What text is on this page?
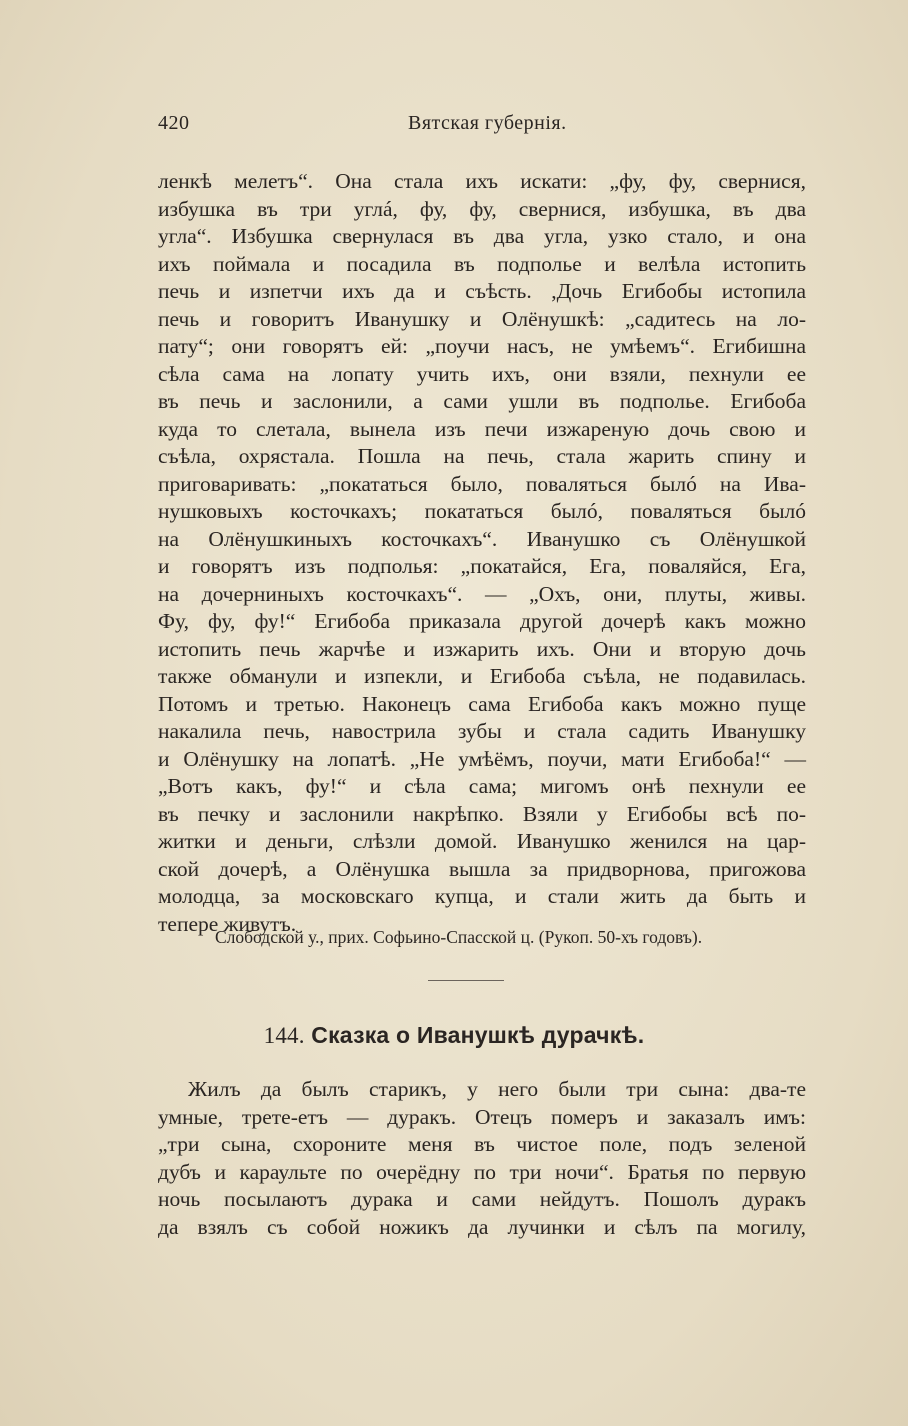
420	Вятская губернія.
ленкѣ мелетъ“. Она стала ихъ искати: „фу, фу, свернися,
избушка въ три углá, фу, фу, свернися, избушка, въ два
угла“. Избушка свернулася въ два угла, узко стало, и она
ихъ поймала и посадила въ подполье и велѣла истопить
печь и изпетчи ихъ да и съѣсть. ,Дочь Егибобы истопила
печь и говоритъ Иванушку и Олёнушкѣ: „садитесь на ло-
пату“; они говорятъ ей: „поучи насъ, не умѣемъ“. Егибишна
сѣла сама на лопату учить ихъ, они взяли, пехнули ее
въ печь и заслонили, а сами ушли въ подполье. Егибоба
куда то слетала, вынела изъ печи изжареную дочь свою и
съѣла, охрястала. Пошла на печь, стала жарить спину и
приговаривать: „покататься было, поваляться былó на Ива-
нушковыхъ косточкахъ; покататься былó, поваляться былó
на Олёнушкиныхъ косточкахъ“. Иванушко съ Олёнушкой
и говорятъ изъ подполья: „покатайся, Ега, поваляйся, Ега,
на дочерниныхъ косточкахъ“. — „Охъ, они, плуты, живы.
Фу, фу, фу!“ Егибоба приказала другой дочерѣ какъ можно
истопить печь жарчѣе и изжарить ихъ. Они и вторую дочь
также обманули и изпекли, и Егибоба съѣла, не подавилась.
Потомъ и третью. Наконецъ сама Егибоба какъ можно пуще
накалила печь, навострила зубы и стала садить Иванушку
и Олёнушку на лопатѣ. „Не умѣёмъ, поучи, мати Егибоба!“ —
„Вотъ какъ, фу!“ и сѣла сама; мигомъ онѣ пехнули ее
въ печку и заслонили накрѣпко. Взяли у Егибобы всѣ по-
житки и деньги, слѣзли домой. Иванушко женился на цар-
ской дочерѣ, а Олёнушка вышла за придворнова, пригожова
молодца, за московскаго купца, и стали жить да быть и
тепере живутъ.
Слободской у., прих. Софьино-Спасской ц. (Рукоп. 50-хъ годовъ).
144. Сказка о Иванушкѣ дурачкѣ.
Жилъ да былъ старикъ, у него были три сына: два-те
умные, трете-етъ — дуракъ. Отецъ померъ и заказалъ имъ:
„три сына, схороните меня въ чистое поле, подъ зеленой
дубъ и караульте по очерёдну по три ночи“. Братья по первую
ночь посылаютъ дурака и сами нейдутъ. Пошолъ дуракъ
да взялъ съ собой ножикъ да лучинки и сѣлъ па могилу,
